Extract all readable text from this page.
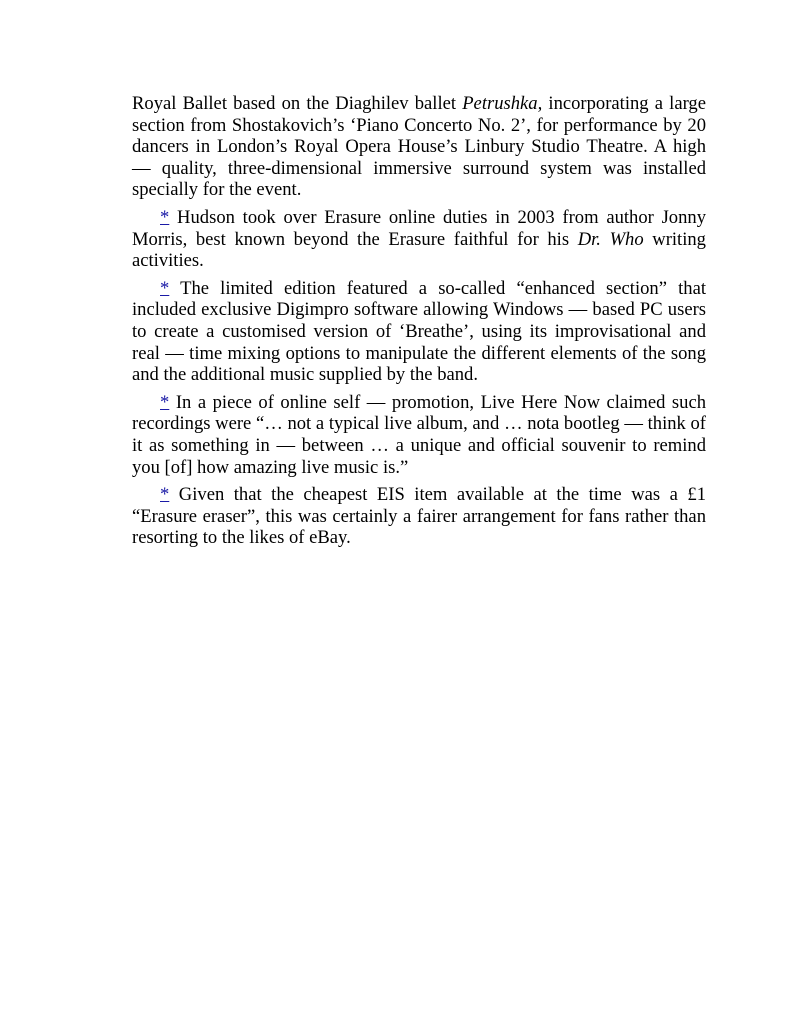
Royal Ballet based on the Diaghilev ballet Petrushka, incorporating a large section from Shostakovich’s ‘Piano Concerto No. 2’, for performance by 20 dancers in London’s Royal Opera House’s Linbury Studio Theatre. A high — quality, three-dimensional immersive surround system was installed specially for the event.

* Hudson took over Erasure online duties in 2003 from author Jonny Morris, best known beyond the Erasure faithful for his Dr. Who writing activities.

* The limited edition featured a so-called “enhanced section” that included exclusive Digimpro software allowing Windows — based PC users to create a customised version of ‘Breathe’, using its improvisational and real — time mixing options to manipulate the different elements of the song and the additional music supplied by the band.

* In a piece of online self — promotion, Live Here Now claimed such recordings were “… not a typical live album, and … nota bootleg — think of it as something in — between … a unique and official souvenir to remind you [of] how amazing live music is.”

* Given that the cheapest EIS item available at the time was a £1 “Erasure eraser”, this was certainly a fairer arrangement for fans rather than resorting to the likes of eBay.
